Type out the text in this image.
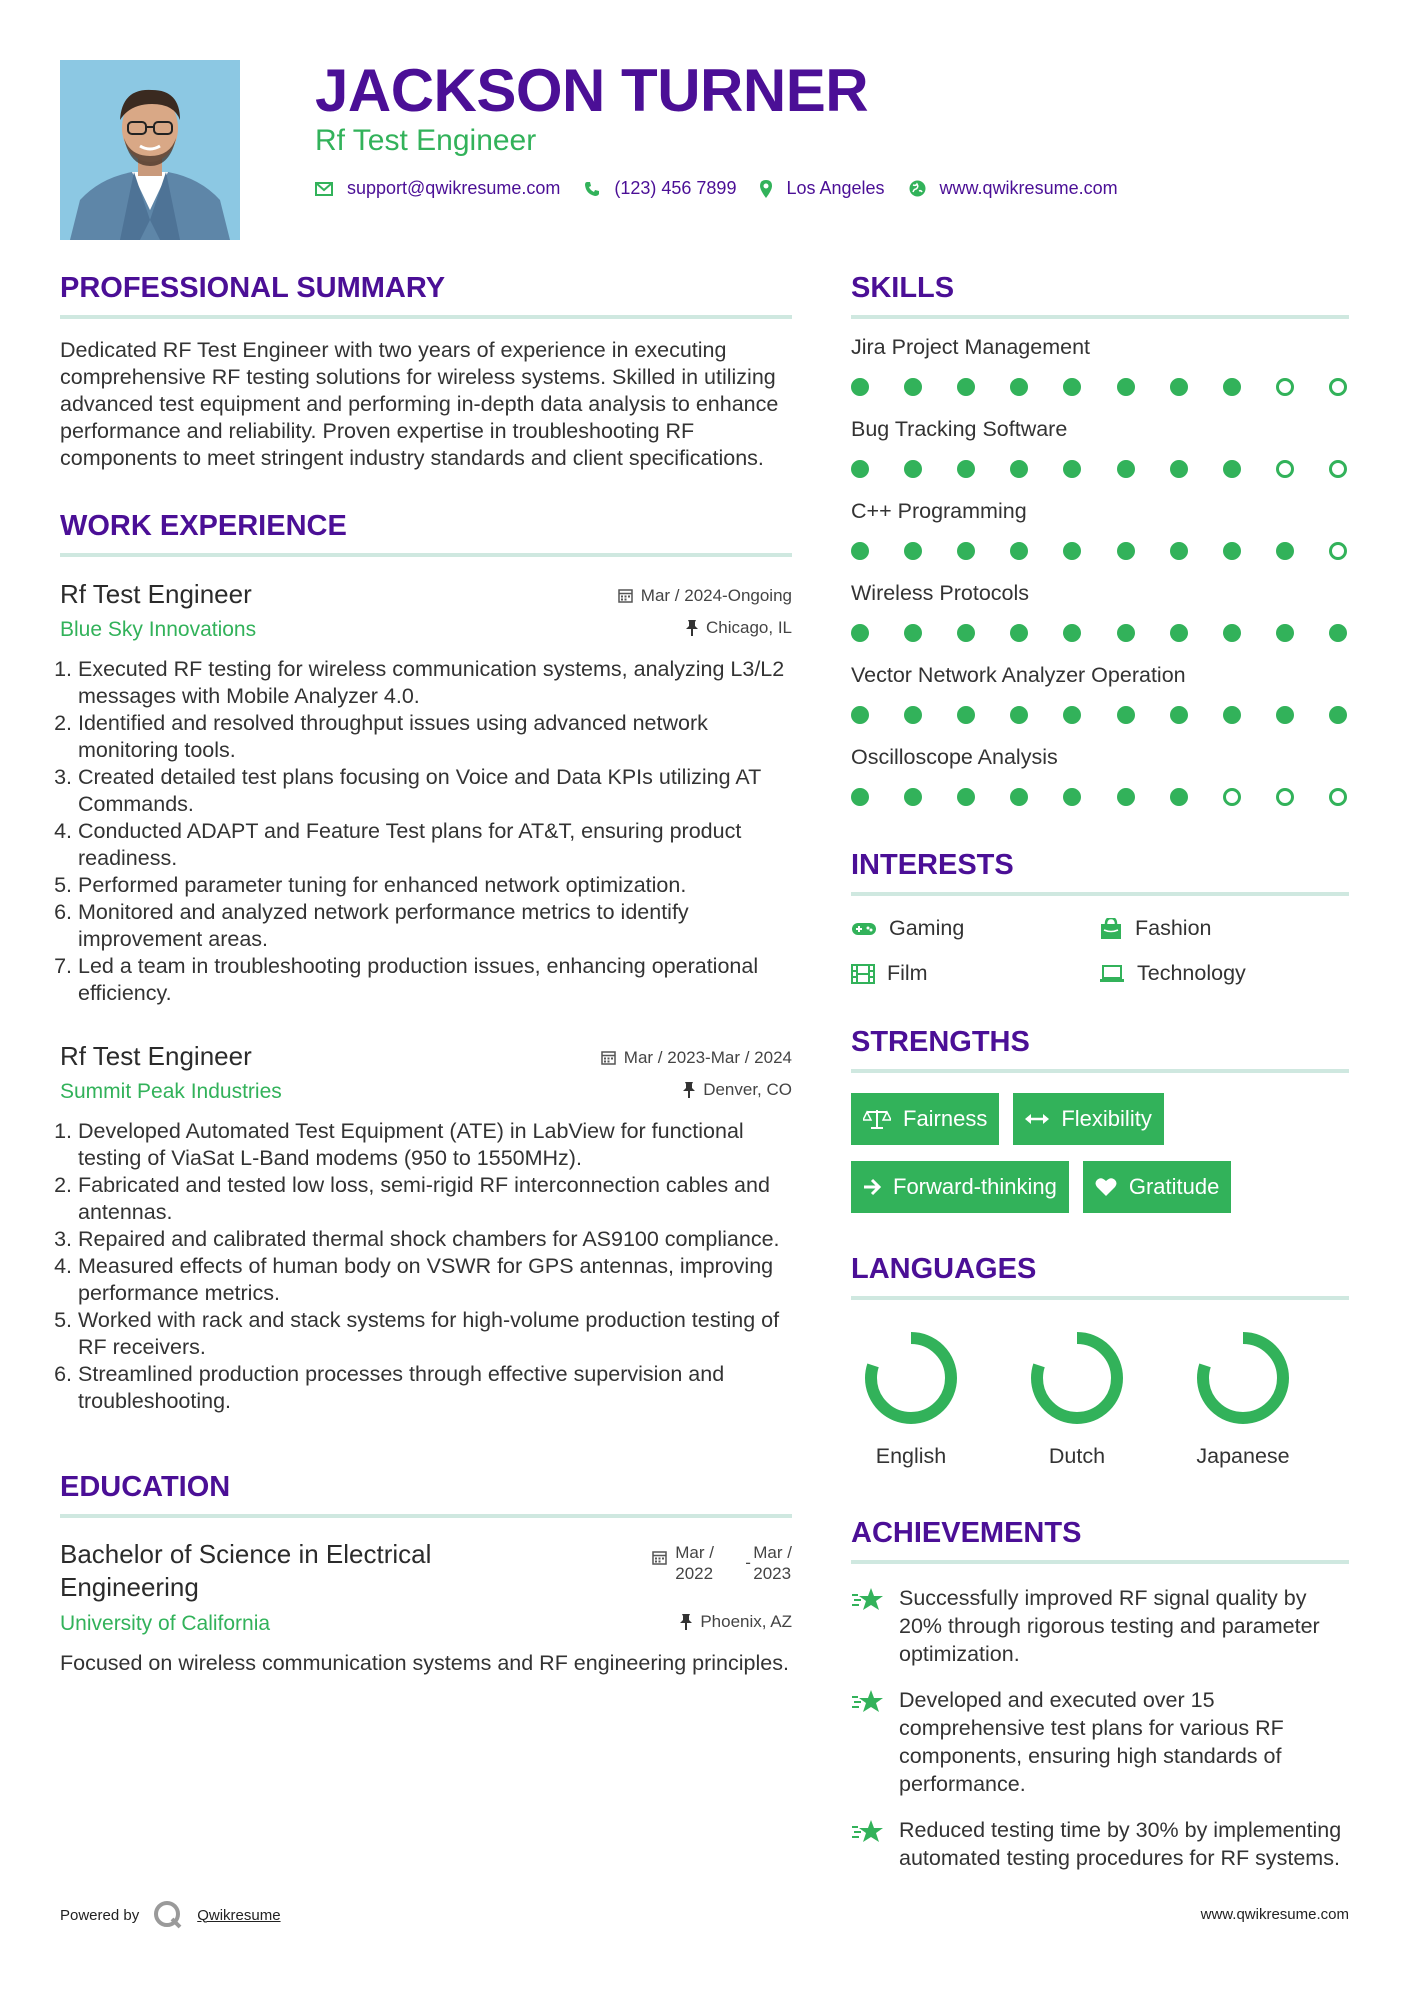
JACKSON TURNER
Rf Test Engineer
support@qwikresume.com	(123) 456 7899	Los Angeles	www.qwikresume.com
PROFESSIONAL SUMMARY
Dedicated RF Test Engineer with two years of experience in executing comprehensive RF testing solutions for wireless systems. Skilled in utilizing advanced test equipment and performing in-depth data analysis to enhance performance and reliability. Proven expertise in troubleshooting RF components to meet stringent industry standards and client specifications.
WORK EXPERIENCE
Rf Test Engineer	Mar / 2024-Ongoing
Blue Sky Innovations	Chicago, IL
1. Executed RF testing for wireless communication systems, analyzing L3/L2 messages with Mobile Analyzer 4.0.
2. Identified and resolved throughput issues using advanced network monitoring tools.
3. Created detailed test plans focusing on Voice and Data KPIs utilizing AT Commands.
4. Conducted ADAPT and Feature Test plans for AT&T, ensuring product readiness.
5. Performed parameter tuning for enhanced network optimization.
6. Monitored and analyzed network performance metrics to identify improvement areas.
7. Led a team in troubleshooting production issues, enhancing operational efficiency.
Rf Test Engineer	Mar / 2023-Mar / 2024
Summit Peak Industries	Denver, CO
1. Developed Automated Test Equipment (ATE) in LabView for functional testing of ViaSat L-Band modems (950 to 1550MHz).
2. Fabricated and tested low loss, semi-rigid RF interconnection cables and antennas.
3. Repaired and calibrated thermal shock chambers for AS9100 compliance.
4. Measured effects of human body on VSWR for GPS antennas, improving performance metrics.
5. Worked with rack and stack systems for high-volume production testing of RF receivers.
6. Streamlined production processes through effective supervision and troubleshooting.
EDUCATION
Bachelor of Science in Electrical Engineering
Mar /
2022
-
Mar /
2023
University of California	Phoenix, AZ
Focused on wireless communication systems and RF engineering principles.
SKILLS
Jira Project Management
Bug Tracking Software
C++ Programming
Wireless Protocols
Vector Network Analyzer Operation
Oscilloscope Analysis
INTERESTS
Gaming	Fashion
Film	Technology
STRENGTHS
Fairness	Flexibility
Forward-thinking	Gratitude
LANGUAGES
English	Dutch	Japanese
ACHIEVEMENTS
Successfully improved RF signal quality by 20% through rigorous testing and parameter optimization.
Developed and executed over 15 comprehensive test plans for various RF components, ensuring high standards of performance.
Reduced testing time by 30% by implementing automated testing procedures for RF systems.
Powered by	Qwikresume	www.qwikresume.com
